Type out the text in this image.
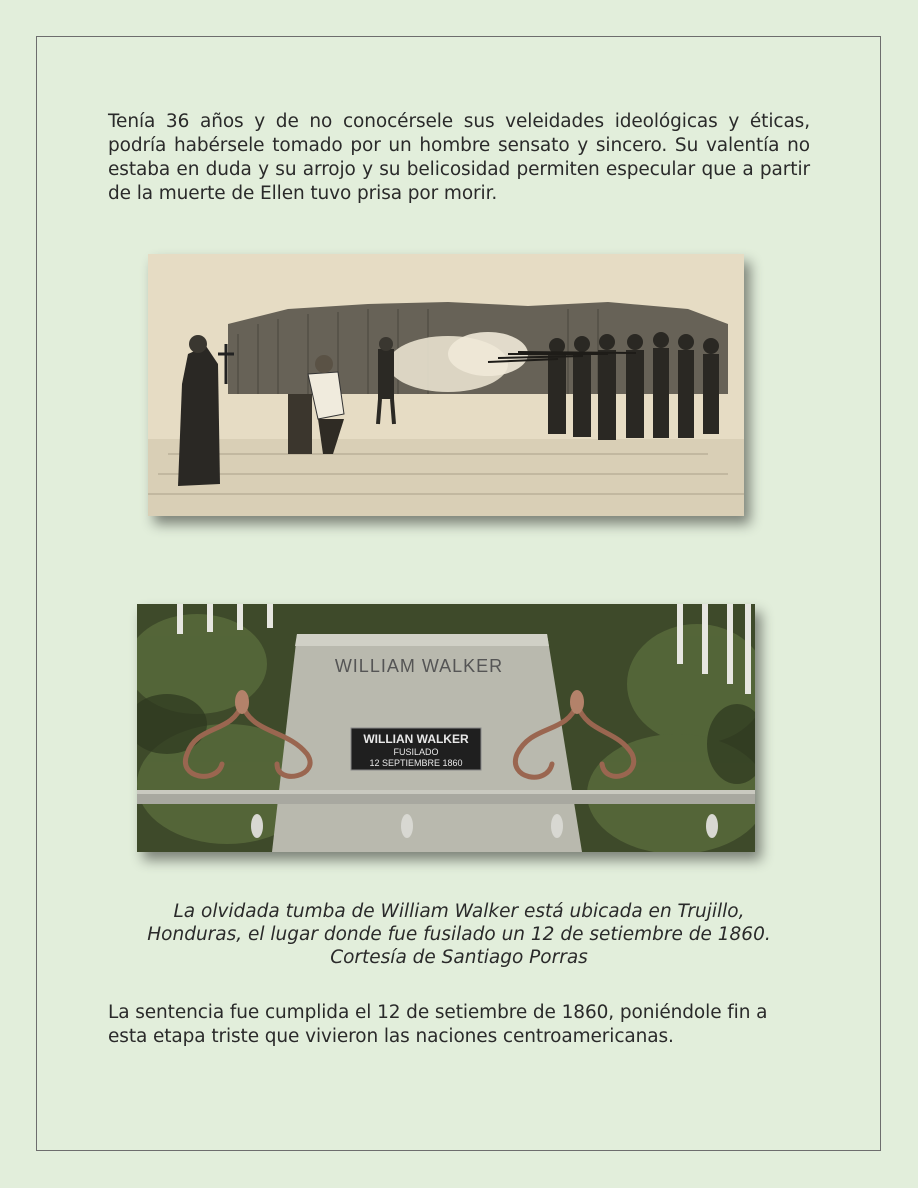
Tenía 36 años y de no conocérsele sus veleidades ideológicas y éticas, podría habérsele tomado por un hombre sensato y sincero. Su valentía no estaba en duda y su arrojo y su belicosidad permiten especular que a partir de la muerte de Ellen tuvo prisa por morir.

WILLIAM WALKER
WILLIAN WALKER
FUSILADO
12 SEPTIEMBRE 1860
La olvidada tumba de William Walker está ubicada en Trujillo,
Honduras, el lugar donde fue fusilado un 12 de setiembre de 1860.
Cortesía de Santiago Porras

La sentencia fue cumplida el 12 de setiembre de 1860, poniéndole fin a esta etapa triste que vivieron las naciones centroamericanas.
